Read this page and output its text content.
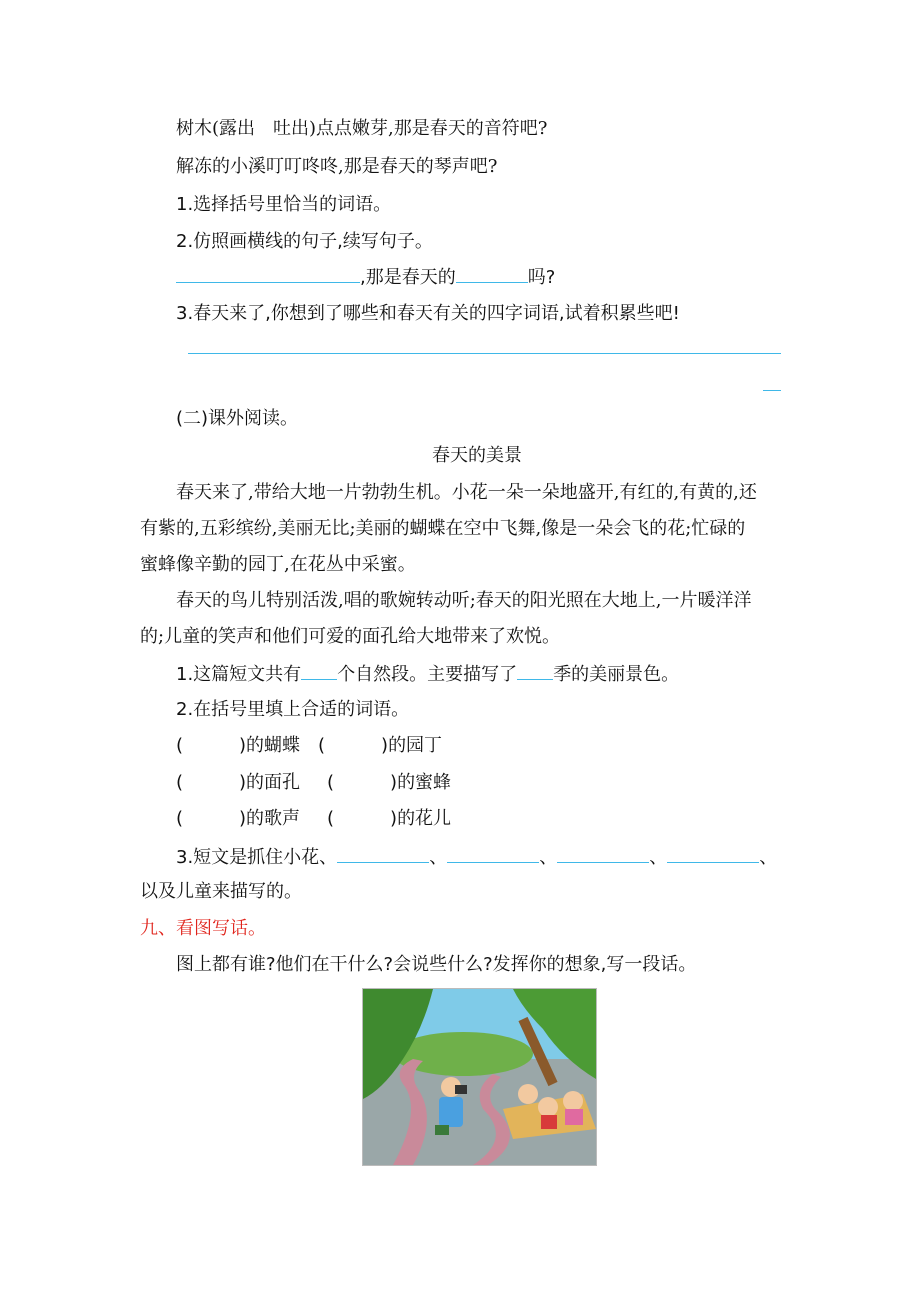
树木(露出　吐出)点点嫩芽,那是春天的音符吧?
解冻的小溪叮叮咚咚,那是春天的琴声吧?
1.选择括号里恰当的词语。
2.仿照画横线的句子,续写句子。
,那是春天的	吗?
3.春天来了,你想到了哪些和春天有关的四字词语,试着积累些吧!
(二)课外阅读。
春天的美景
春天来了,带给大地一片勃勃生机。小花一朵一朵地盛开,有红的,有黄的,还
有紫的,五彩缤纷,美丽无比;美丽的蝴蝶在空中飞舞,像是一朵会飞的花;忙碌的
蜜蜂像辛勤的园丁,在花丛中采蜜。
春天的鸟儿特别活泼,唱的歌婉转动听;春天的阳光照在大地上,一片暖洋洋
的;儿童的笑声和他们可爱的面孔给大地带来了欢悦。
1.这篇短文共有 个自然段。主要描写了 季的美丽景色。
2.在括号里填上合适的词语。
(	)的蝴蝶 (	)的园丁
(	)的面孔 (	)的蜜蜂
(	)的歌声 (	)的花儿
3.短文是抓住小花、	、	、	、	、
以及儿童来描写的。
九、看图写话。
图上都有谁?他们在干什么?会说些什么?发挥你的想象,写一段话。
